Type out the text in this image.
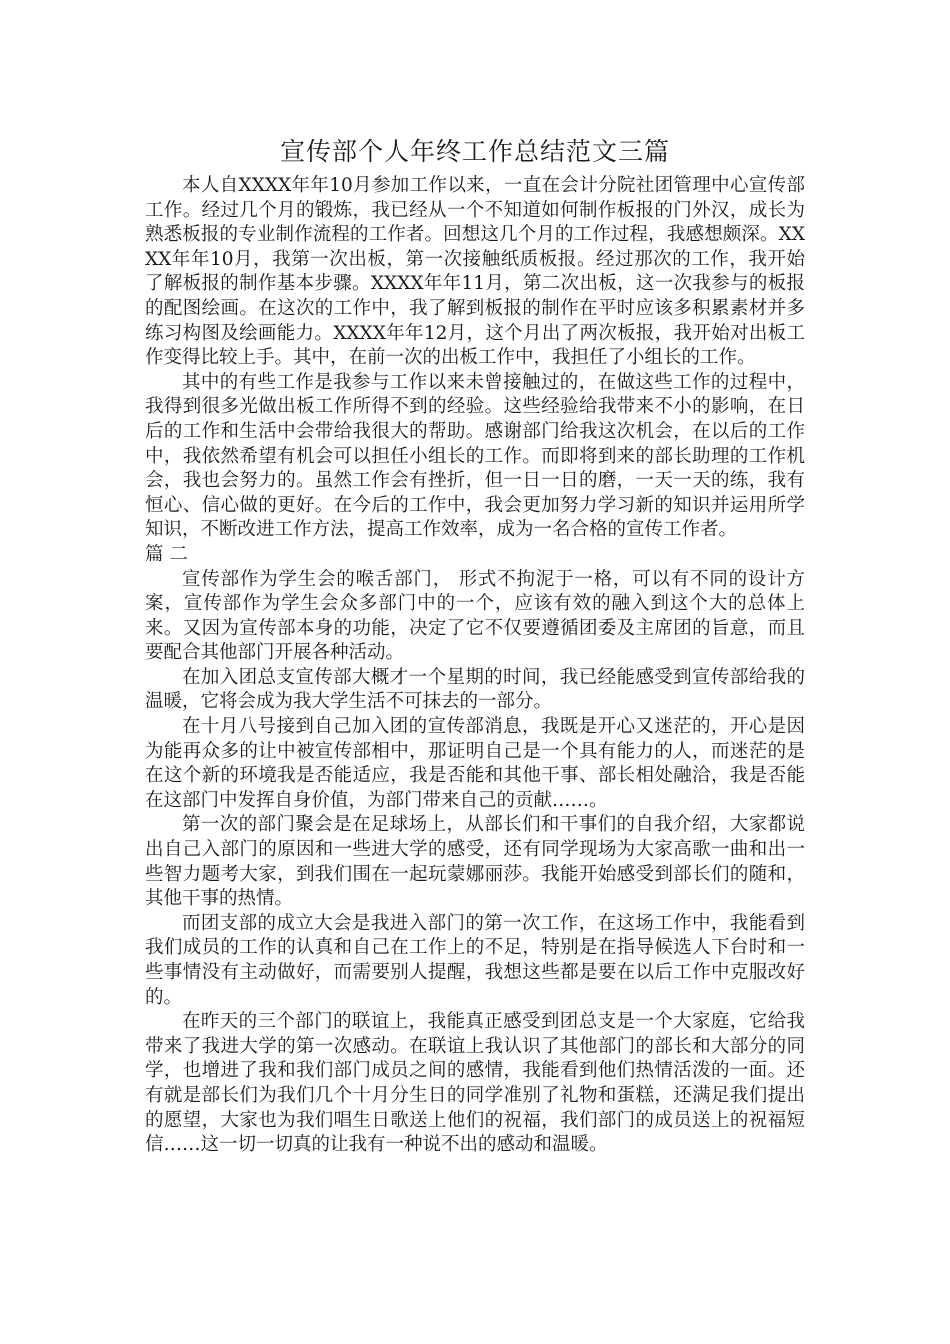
宣传部个人年终工作总结范文三篇

本人自XXXX年年10月参加工作以来，一直在会计分院社团管理中心宣传部工作。经过几个月的锻炼，我已经从一个不知道如何制作板报的门外汉，成长为熟悉板报的专业制作流程的工作者。回想这几个月的工作过程，我感想颇深。XXXX年年10月，我第一次出板，第一次接触纸质板报。经过那次的工作，我开始了解板报的制作基本步骤。XXXX年年11月，第二次出板，这一次我参与的板报的配图绘画。在这次的工作中，我了解到板报的制作在平时应该多积累素材并多练习构图及绘画能力。XXXX年年12月，这个月出了两次板报，我开始对出板工作变得比较上手。其中，在前一次的出板工作中，我担任了小组长的工作。

其中的有些工作是我参与工作以来未曾接触过的，在做这些工作的过程中，我得到很多光做出板工作所得不到的经验。这些经验给我带来不小的影响，在日后的工作和生活中会带给我很大的帮助。感谢部门给我这次机会，在以后的工作中，我依然希望有机会可以担任小组长的工作。而即将到来的部长助理的工作机会，我也会努力的。虽然工作会有挫折，但一日一日的磨，一天一天的练，我有恒心、信心做的更好。在今后的工作中，我会更加努力学习新的知识并运用所学知识，不断改进工作方法，提高工作效率，成为一名合格的宣传工作者。

篇 二

宣传部作为学生会的喉舌部门， 形式不拘泥于一格，可以有不同的设计方案，宣传部作为学生会众多部门中的一个，应该有效的融入到这个大的总体上来。又因为宣传部本身的功能，决定了它不仅要遵循团委及主席团的旨意，而且要配合其他部门开展各种活动。

在加入团总支宣传部大概才一个星期的时间，我已经能感受到宣传部给我的温暖，它将会成为我大学生活不可抹去的一部分。

在十月八号接到自己加入团的宣传部消息，我既是开心又迷茫的，开心是因为能再众多的让中被宣传部相中，那证明自己是一个具有能力的人，而迷茫的是在这个新的环境我是否能适应，我是否能和其他干事、部长相处融洽，我是否能在这部门中发挥自身价值，为部门带来自己的贡献……。

第一次的部门聚会是在足球场上，从部长们和干事们的自我介绍，大家都说出自己入部门的原因和一些进大学的感受，还有同学现场为大家高歌一曲和出一些智力题考大家，到我们围在一起玩蒙娜丽莎。我能开始感受到部长们的随和，其他干事的热情。

而团支部的成立大会是我进入部门的第一次工作，在这场工作中，我能看到我们成员的工作的认真和自己在工作上的不足，特别是在指导候选人下台时和一些事情没有主动做好，而需要别人提醒，我想这些都是要在以后工作中克服改好的。

在昨天的三个部门的联谊上，我能真正感受到团总支是一个大家庭，它给我带来了我进大学的第一次感动。在联谊上我认识了其他部门的部长和大部分的同学，也增进了我和我们部门成员之间的感情，我能看到他们热情活泼的一面。还有就是部长们为我们几个十月分生日的同学准别了礼物和蛋糕，还满足我们提出的愿望，大家也为我们唱生日歌送上他们的祝福，我们部门的成员送上的祝福短信……这一切一切真的让我有一种说不出的感动和温暖。
